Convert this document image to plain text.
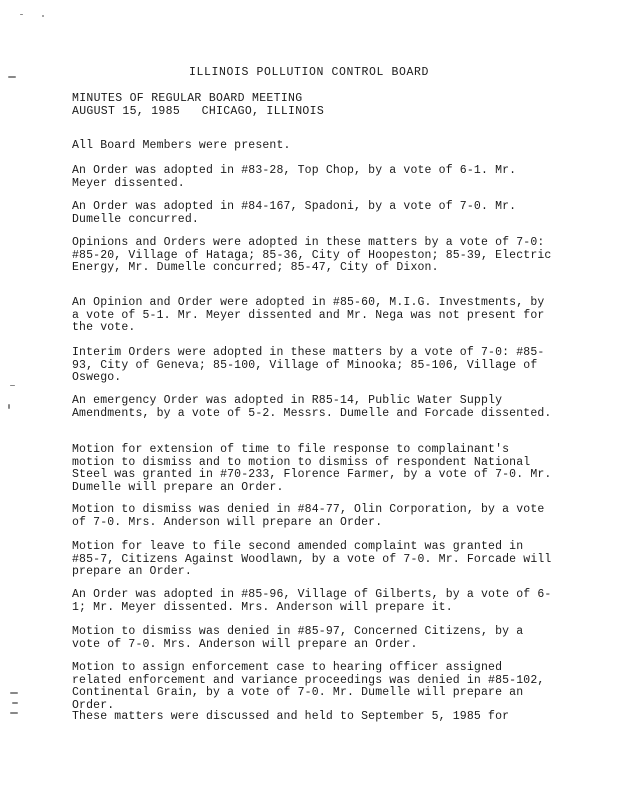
ILLINOIS POLLUTION CONTROL BOARD
MINUTES OF REGULAR BOARD MEETING
AUGUST 15, 1985   CHICAGO, ILLINOIS
All Board Members were present.
An Order was adopted in #83-28, Top Chop, by a vote of 6-1. Mr. Meyer dissented.
An Order was adopted in #84-167, Spadoni, by a vote of 7-0. Mr. Dumelle concurred.
Opinions and Orders were adopted in these matters by a vote of 7-0: #85-20, Village of Hataga; 85-36, City of Hoopeston; 85-39, Electric Energy, Mr. Dumelle concurred; 85-47, City of Dixon.
An Opinion and Order were adopted in #85-60, M.I.G. Investments, by a vote of 5-1. Mr. Meyer dissented and Mr. Nega was not present for the vote.
Interim Orders were adopted in these matters by a vote of 7-0: #85-93, City of Geneva; 85-100, Village of Minooka; 85-106, Village of Oswego.
An emergency Order was adopted in R85-14, Public Water Supply Amendments, by a vote of 5-2. Messrs. Dumelle and Forcade dissented.
Motion for extension of time to file response to complainant's motion to dismiss and to motion to dismiss of respondent National Steel was granted in #70-233, Florence Farmer, by a vote of 7-0. Mr. Dumelle will prepare an Order.
Motion to dismiss was denied in #84-77, Olin Corporation, by a vote of 7-0. Mrs. Anderson will prepare an Order.
Motion for leave to file second amended complaint was granted in #85-7, Citizens Against Woodlawn, by a vote of 7-0. Mr. Forcade will prepare an Order.
An Order was adopted in #85-96, Village of Gilberts, by a vote of 6-1; Mr. Meyer dissented. Mrs. Anderson will prepare it.
Motion to dismiss was denied in #85-97, Concerned Citizens, by a vote of 7-0. Mrs. Anderson will prepare an Order.
Motion to assign enforcement case to hearing officer assigned related enforcement and variance proceedings was denied in #85-102, Continental Grain, by a vote of 7-0. Mr. Dumelle will prepare an Order.
These matters were discussed and held to September 5, 1985 for
